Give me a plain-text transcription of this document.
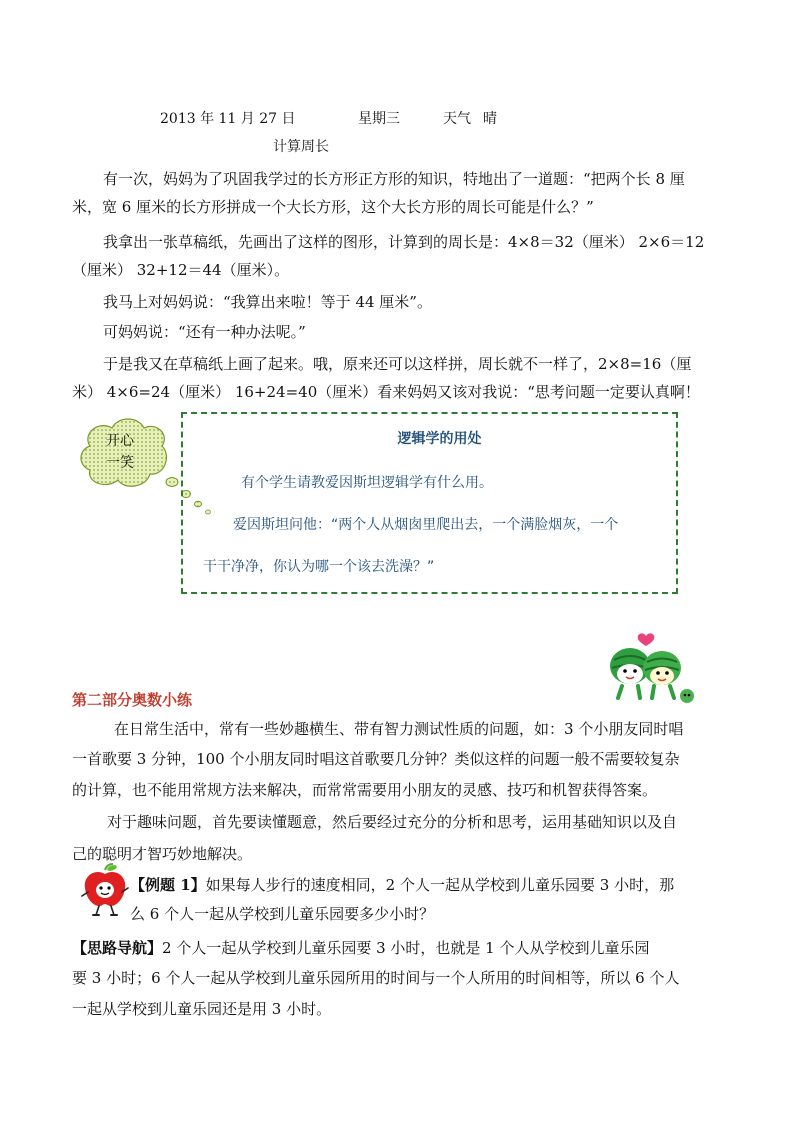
2013 年 11 月 27 日	星期三	天气 晴
计算周长
有一次，妈妈为了巩固我学过的长方形正方形的知识，特地出了一道题：“把两个长 8 厘
米，宽 6 厘米的长方形拼成一个大长方形，这个大长方形的周长可能是什么？”
我拿出一张草稿纸，先画出了这样的图形，计算到的周长是：4×8＝32（厘米） 2×6＝12
（厘米） 32+12＝44（厘米）。
我马上对妈妈说：“我算出来啦！等于 44 厘米”。
可妈妈说：“还有一种办法呢。”
于是我又在草稿纸上画了起来。哦，原来还可以这样拼，周长就不一样了，2×8=16（厘
米） 4×6=24（厘米） 16+24=40（厘米）看来妈妈又该对我说：“思考问题一定要认真啊！
开心
一笑
逻辑学的用处
有个学生请教爱因斯坦逻辑学有什么用。
爱因斯坦问他：“两个人从烟囱里爬出去，一个满脸烟灰，一个
干干净净，你认为哪一个该去洗澡？”
第二部分奥数小练
在日常生活中，常有一些妙趣横生、带有智力测试性质的问题，如：3 个小朋友同时唱
一首歌要 3 分钟，100 个小朋友同时唱这首歌要几分钟？类似这样的问题一般不需要较复杂
的计算，也不能用常规方法来解决，而常常需要用小朋友的灵感、技巧和机智获得答案。
对于趣味问题，首先要读懂题意，然后要经过充分的分析和思考，运用基础知识以及自
己的聪明才智巧妙地解决。
【例题 1】如果每人步行的速度相同，2 个人一起从学校到儿童乐园要 3 小时，那
么 6 个人一起从学校到儿童乐园要多少小时？
【思路导航】2 个人一起从学校到儿童乐园要 3 小时，也就是 1 个人从学校到儿童乐园
要 3 小时；6 个人一起从学校到儿童乐园所用的时间与一个人所用的时间相等，所以 6 个人
一起从学校到儿童乐园还是用 3 小时。
